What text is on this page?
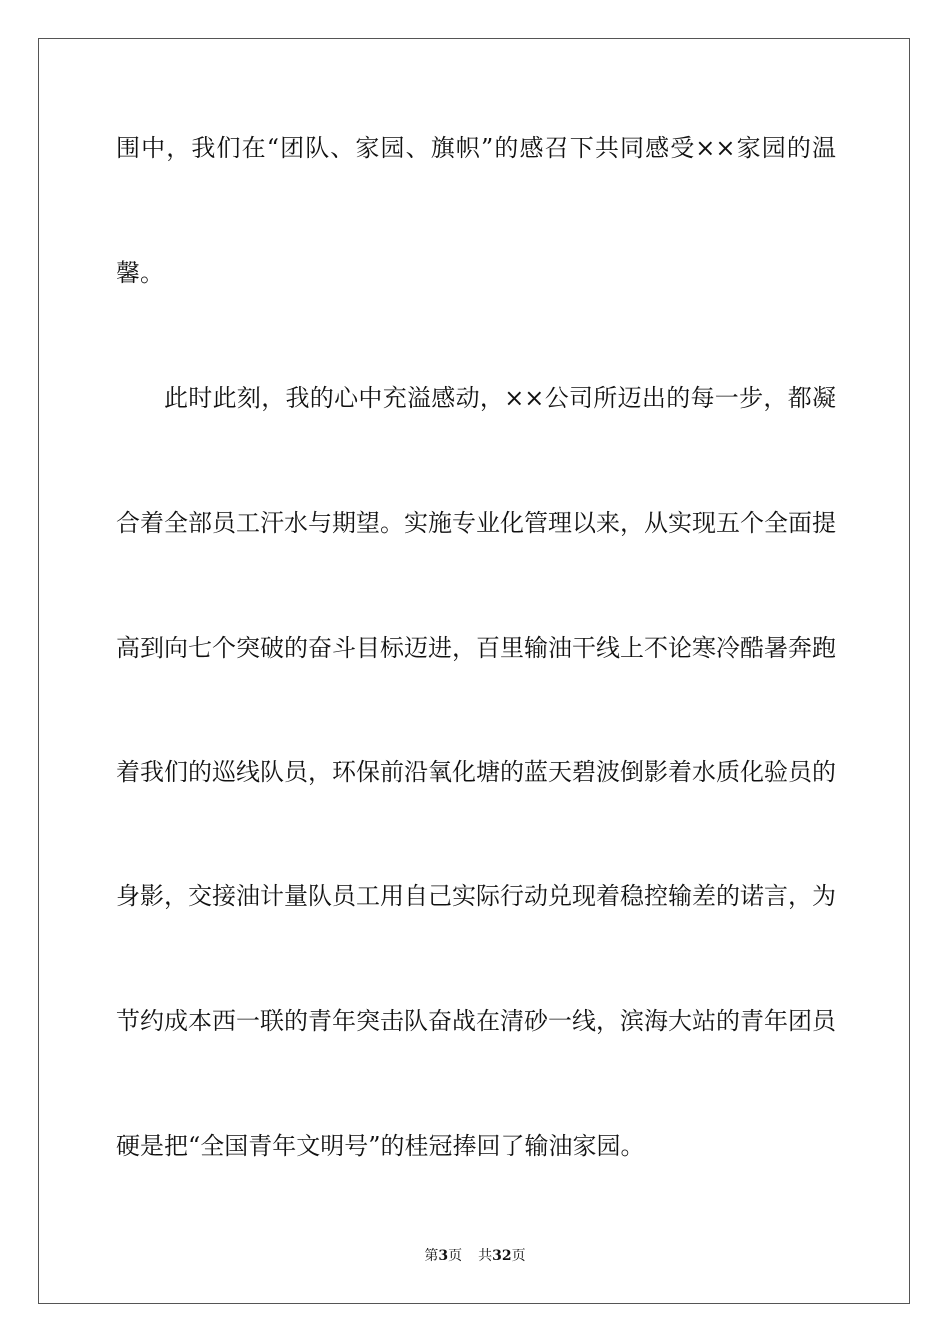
围中，我们在“团队、家园、旗帜”的感召下共同感受××家园的温
馨。
此时此刻，我的心中充溢感动，××公司所迈出的每一步，都凝
合着全部员工汗水与期望。实施专业化管理以来，从实现五个全面提
高到向七个突破的奋斗目标迈进，百里输油干线上不论寒冷酷暑奔跑
着我们的巡线队员，环保前沿氧化塘的蓝天碧波倒影着水质化验员的
身影，交接油计量队员工用自己实际行动兑现着稳控输差的诺言，为
节约成本西一联的青年突击队奋战在清砂一线，滨海大站的青年团员
硬是把“全国青年文明号”的桂冠捧回了输油家园。
第3页 共32页
